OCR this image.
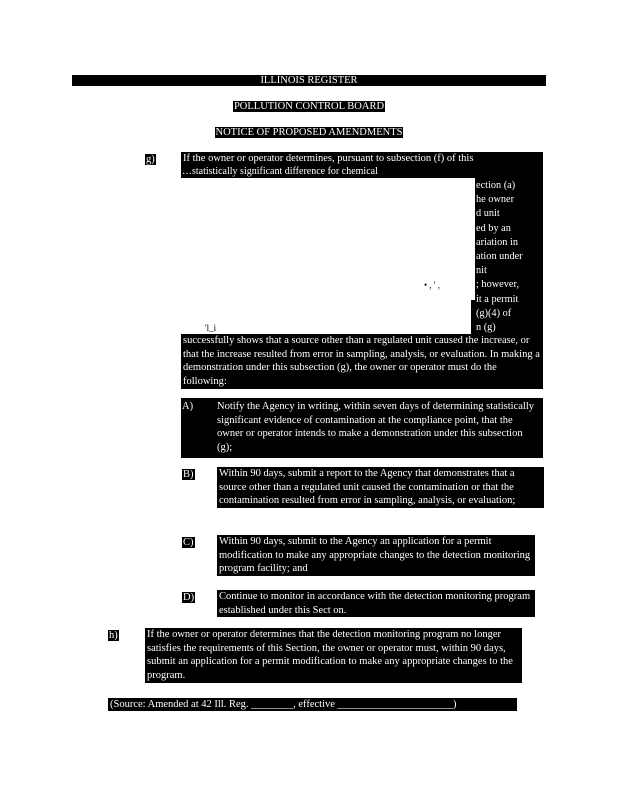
ILLINOIS REGISTER
POLLUTION CONTROL BOARD
NOTICE OF PROPOSED AMENDMENTS
g)	If the owner or operator determines, pursuant to subsection (f) of this
ection (a)
he owner
d unit
ed by an
ariation in
ation under
nit
; however,
it a permit
(g)(4) of
n (g)
…statistically significant difference for chemical
• , ' ,
'l_i

successfully shows that a source other than a regulated unit caused the increase, or that the increase resulted from error in sampling, analysis, or evaluation. In making a demonstration under this subsection (g), the owner or operator must do the following:

A) Notify the Agency in writing, within seven days of determining statistically significant evidence of contamination at the compliance point, that the owner or operator intends to make a demonstration under this subsection (g);

B) Within 90 days, submit a report to the Agency that demonstrates that a source other than a regulated unit caused the contamination or that the contamination resulted from error in sampling, analysis, or evaluation;

C) Within 90 days, submit to the Agency an application for a permit modification to make any appropriate changes to the detection monitoring program facility; and

D) Continue to monitor in accordance with the detection monitoring program established under this Sect on.

h)	If the owner or operator determines that the detection monitoring program no longer satisfies the requirements of this Section, the owner or operator must, within 90 days, submit an application for a permit modification to make any appropriate changes to the program.

(Source: Amended at 42 Ill. Reg. ________, effective ______________________)
